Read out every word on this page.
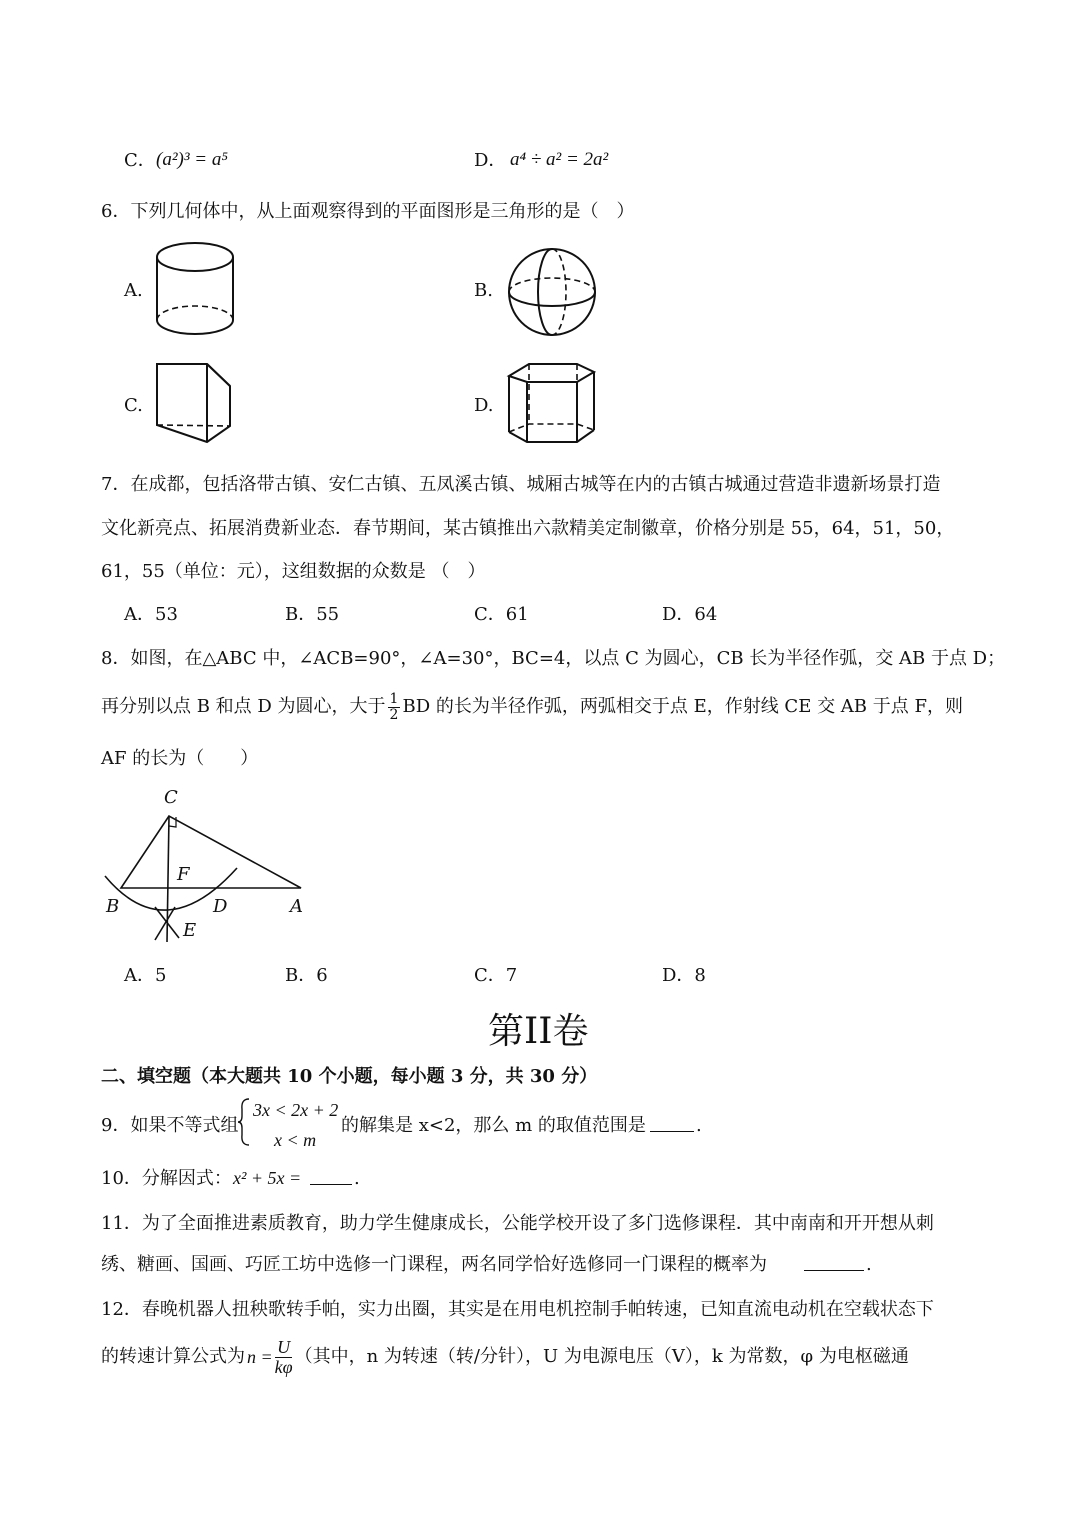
C． (a²)³ = a⁵	D． a⁴ ÷ a² = 2a²
6．下列几何体中，从上面观察得到的平面图形是三角形的是（　）
A.	B.
C.	D.
7．在成都，包括洛带古镇、安仁古镇、五凤溪古镇、城厢古城等在内的古镇古城通过营造非遗新场景打造
文化新亮点、拓展消费新业态．春节期间，某古镇推出六款精美定制徽章，价格分别是 55，64，51，50，
61，55（单位：元），这组数据的众数是 （　）
A．53	B．55	C．61	D．64
8．如图，在△ABC 中，∠ACB=90°，∠A=30°，BC=4，以点 C 为圆心，CB 长为半径作弧，交 AB 于点 D；
再分别以点 B 和点 D 为圆心，大于 $\frac{1}{2}$ BD 的长为半径作弧，两弧相交于点 E，作射线 CE 交 AB 于点 F，则
AF 的长为（　　）
C
F
B	D	A
E
A．5	B．6	C．7	D．8
第II卷
二、填空题（本大题共 10 个小题，每小题 3 分，共 30 分）
9．如果不等式组
3x < 2x + 2
x < m
的解集是 x<2，那么 m 的取值范围是	.
10．分解因式： x² + 5x =	.
11．为了全面推进素质教育，助力学生健康成长，公能学校开设了多门选修课程．其中南南和开开想从刺
绣、糖画、国画、巧匠工坊中选修一门课程，两名同学恰好选修同一门课程的概率为	.
12．春晚机器人扭秧歌转手帕，实力出圈，其实是在用电机控制手帕转速，已知直流电动机在空载状态下
的转速计算公式为 $n = \frac{U}{k\varphi}$ （其中，n 为转速（转/分针），U 为电源电压（V），k 为常数，φ 为电枢磁通
